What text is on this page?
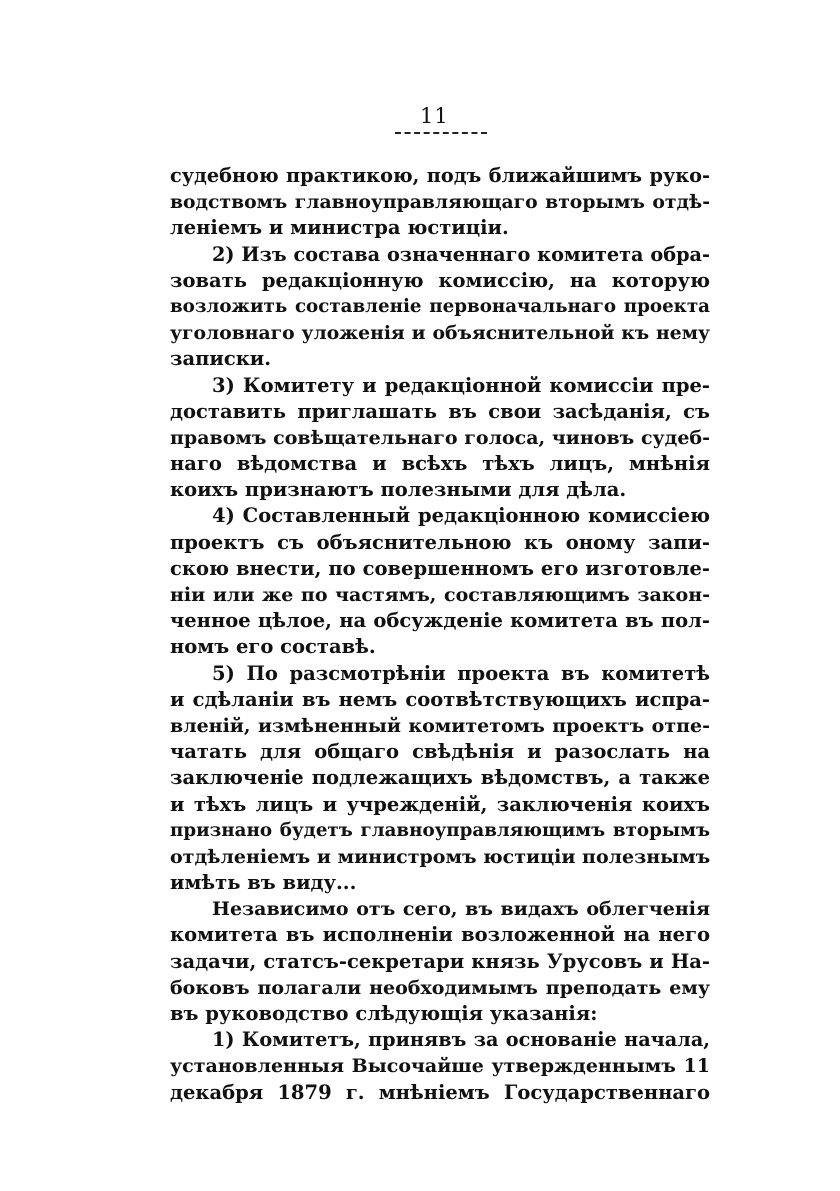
11
судебною практикою, подъ ближайшимъ руко-
водствомъ главноуправляющаго вторымъ отдѣ-
леніемъ и министра юстиціи.
2) Изъ состава означеннаго комитета обра-
зовать редакціонную комиссію, на которую
возложить составленіе первоначальнаго проекта
уголовнаго уложенія и объяснительной къ нему
записки.
3) Комитету и редакціонной комиссіи пре-
доставить приглашать въ свои засѣданія, съ
правомъ совѣщательнаго голоса, чиновъ судеб-
наго вѣдомства и всѣхъ тѣхъ лицъ, мнѣнія
коихъ признаютъ полезными для дѣла.
4) Составленный редакціонною комиссіею
проектъ съ объяснительною къ оному запи-
скою внести, по совершенномъ его изготовле-
ніи или же по частямъ, составляющимъ закон-
ченное цѣлое, на обсужденіе комитета въ пол-
номъ его составѣ.
5) По разсмотрѣніи проекта въ комитетѣ
и сдѣланіи въ немъ соотвѣтствующихъ испра-
вленій, измѣненный комитетомъ проектъ отпе-
чатать для общаго свѣдѣнія и разослать на
заключеніе подлежащихъ вѣдомствъ, а также
и тѣхъ лицъ и учрежденій, заключенія коихъ
признано будетъ главноуправляющимъ вторымъ
отдѣленіемъ и министромъ юстиціи полезнымъ
имѣть въ виду...
Независимо отъ сего, въ видахъ облегченія
комитета въ исполненіи возложенной на него
задачи, статсъ-секретари князь Урусовъ и На-
боковъ полагали необходимымъ преподать ему
въ руководство слѣдующія указанія:
1) Комитетъ, принявъ за основаніе начала,
установленныя Высочайше утвержденнымъ 11
декабря 1879 г. мнѣніемъ Государственнаго
